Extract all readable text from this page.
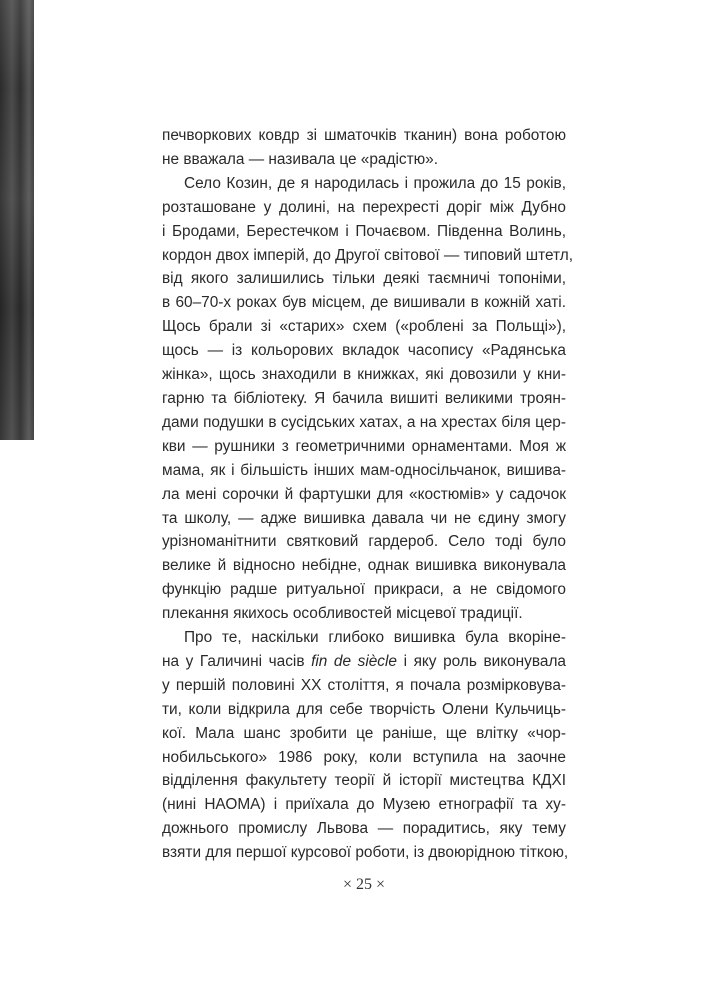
печворкових ковдр зі шматочків тканин) вона роботою
не вважала — називала це «радістю».
Село Козин, де я народилась і прожила до 15 років,
розташоване у долині, на перехресті доріг між Дубно
і Бродами, Берестечком і Почаєвом. Південна Волинь,
кордон двох імперій, до Другої світової — типовий штетл,
від якого залишились тільки деякі таємничі топоніми,
в 60–70-х роках був місцем, де вишивали в кожній хаті.
Щось брали зі «старих» схем («роблені за Польщі»),
щось — із кольорових вкладок часопису «Радянська
жінка», щось знаходили в книжках, які довозили у кни-
гарню та бібліотеку. Я бачила вишиті великими троян-
дами подушки в сусідських хатах, а на хрестах біля цер-
кви — рушники з геометричними орнаментами. Моя ж
мама, як і більшість інших мам-односільчанок, вишива-
ла мені сорочки й фартушки для «костюмів» у садочок
та школу, — адже вишивка давала чи не єдину змогу
урізноманітнити святковий гардероб. Село тоді було
велике й відносно небідне, однак вишивка виконувала
функцію радше ритуальної прикраси, а не свідомого
плекання якихось особливостей місцевої традиції.
Про те, наскільки глибоко вишивка була вкоріне-
на у Галичині часів fin de siècle і яку роль виконувала
у першій половині XX століття, я почала розмірковува-
ти, коли відкрила для себе творчість Олени Кульчиць-
кої. Мала шанс зробити це раніше, ще влітку «чор-
нобильського» 1986 року, коли вступила на заочне
відділення факультету теорії й історії мистецтва КДХІ
(нині НАОМА) і приїхала до Музею етнографії та ху-
дожнього промислу Львова — порадитись, яку тему
взяти для першої курсової роботи, із двоюрідною тіткою,
× 25 ×
